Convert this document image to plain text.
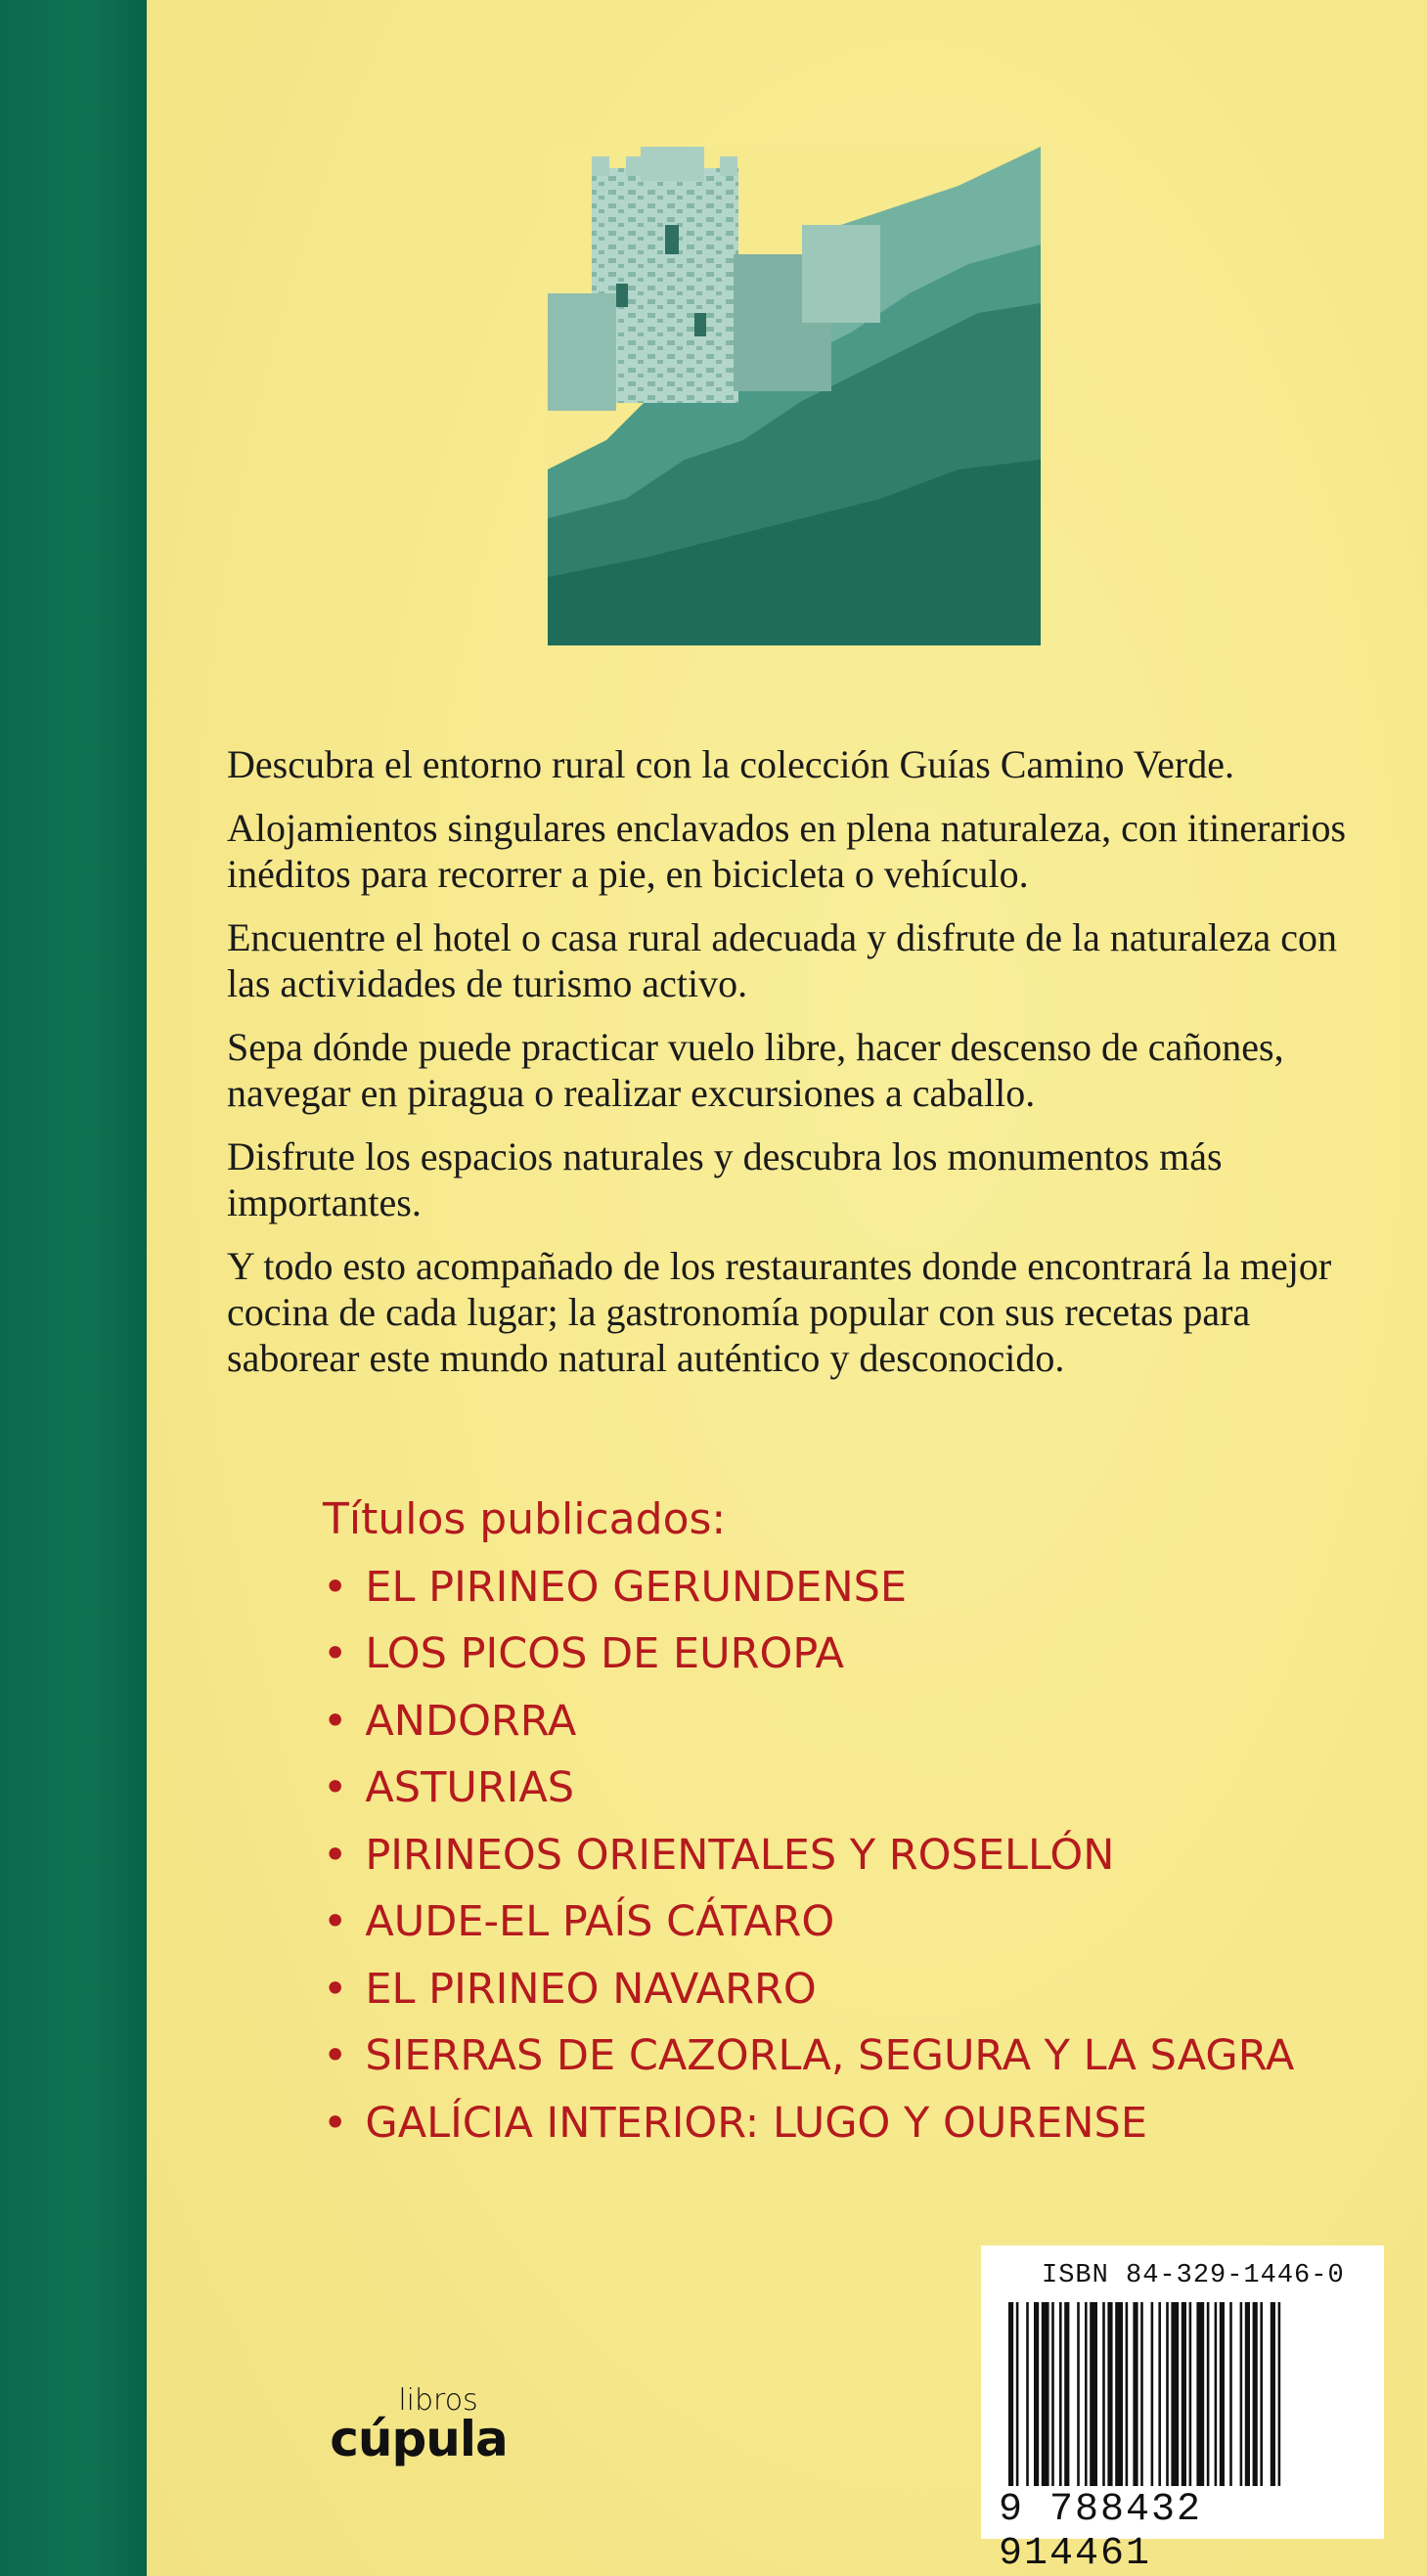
Descubra el entorno rural con la colección Guías Camino Verde.

Alojamientos singulares enclavados en plena naturaleza, con itinerarios inéditos para recorrer a pie, en bicicleta o vehículo.

Encuentre el hotel o casa rural adecuada y disfrute de la naturaleza con las actividades de turismo activo.

Sepa dónde puede practicar vuelo libre, hacer descenso de cañones, navegar en piragua o realizar excursiones a caballo.

Disfrute los espacios naturales y descubra los monumentos más importantes.

Y todo esto acompañado de los restaurantes donde encontrará la mejor cocina de cada lugar; la gastronomía popular con sus recetas para saborear este mundo natural auténtico y desconocido.

Títulos publicados:
• EL PIRINEO GERUNDENSE
• LOS PICOS DE EUROPA
• ANDORRA
• ASTURIAS
• PIRINEOS ORIENTALES Y ROSELLÓN
• AUDE-EL PAÍS CÁTARO
• EL PIRINEO NAVARRO
• SIERRAS DE CAZORLA, SEGURA Y LA SAGRA
• GALÍCIA INTERIOR: LUGO Y OURENSE
ISBN 84-329-1446-0
9 788432 914461
libros
cúpula
